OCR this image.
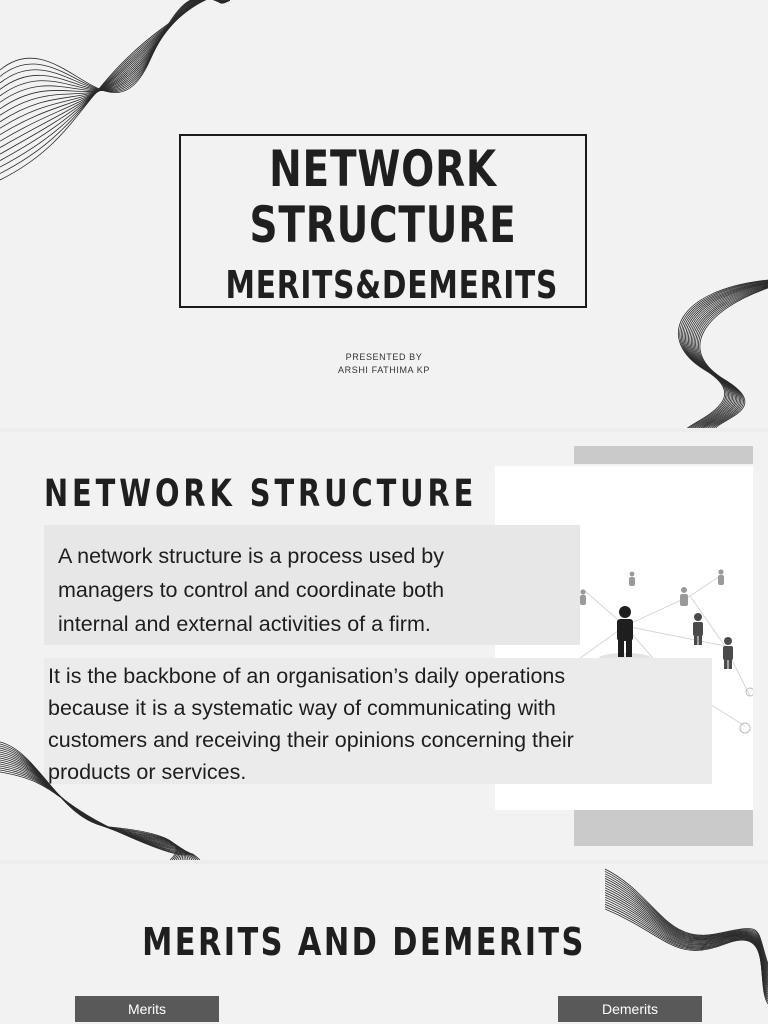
NETWORK
STRUCTURE
MERITS&DEMERITS
PRESENTED BY
ARSHI FATHIMA KP
NETWORK STRUCTURE
A network structure is a process used by
managers to control and coordinate both
internal and external activities of a firm.
It is the backbone of an organisation’s daily operations
because it is a systematic way of communicating with
customers and receiving their opinions concerning their
products or services.
MERITS AND DEMERITS
Merits	Demerits
